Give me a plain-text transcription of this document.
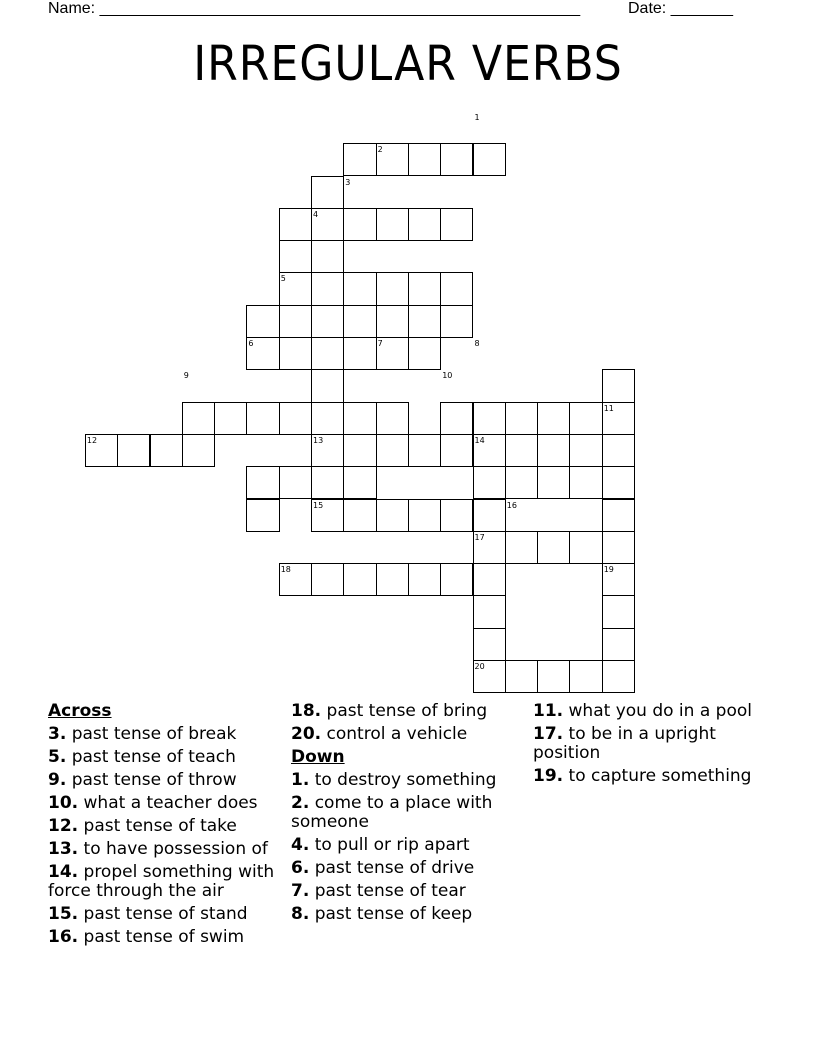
Name: ______________________________________________________	Date: _______
IRREGULAR VERBS
1
2
3
4
5
6	7	8
9	10
11
12	13	14
15	16
17
18	19
20
Across
3. past tense of break
5. past tense of teach
9. past tense of throw
10. what a teacher does
12. past tense of take
13. to have possession of
14. propel something with force through the air
15. past tense of stand
16. past tense of swim
18. past tense of bring
20. control a vehicle
Down
1. to destroy something
2. come to a place with someone
4. to pull or rip apart
6. past tense of drive
7. past tense of tear
8. past tense of keep
11. what you do in a pool
17. to be in a upright position
19. to capture something
